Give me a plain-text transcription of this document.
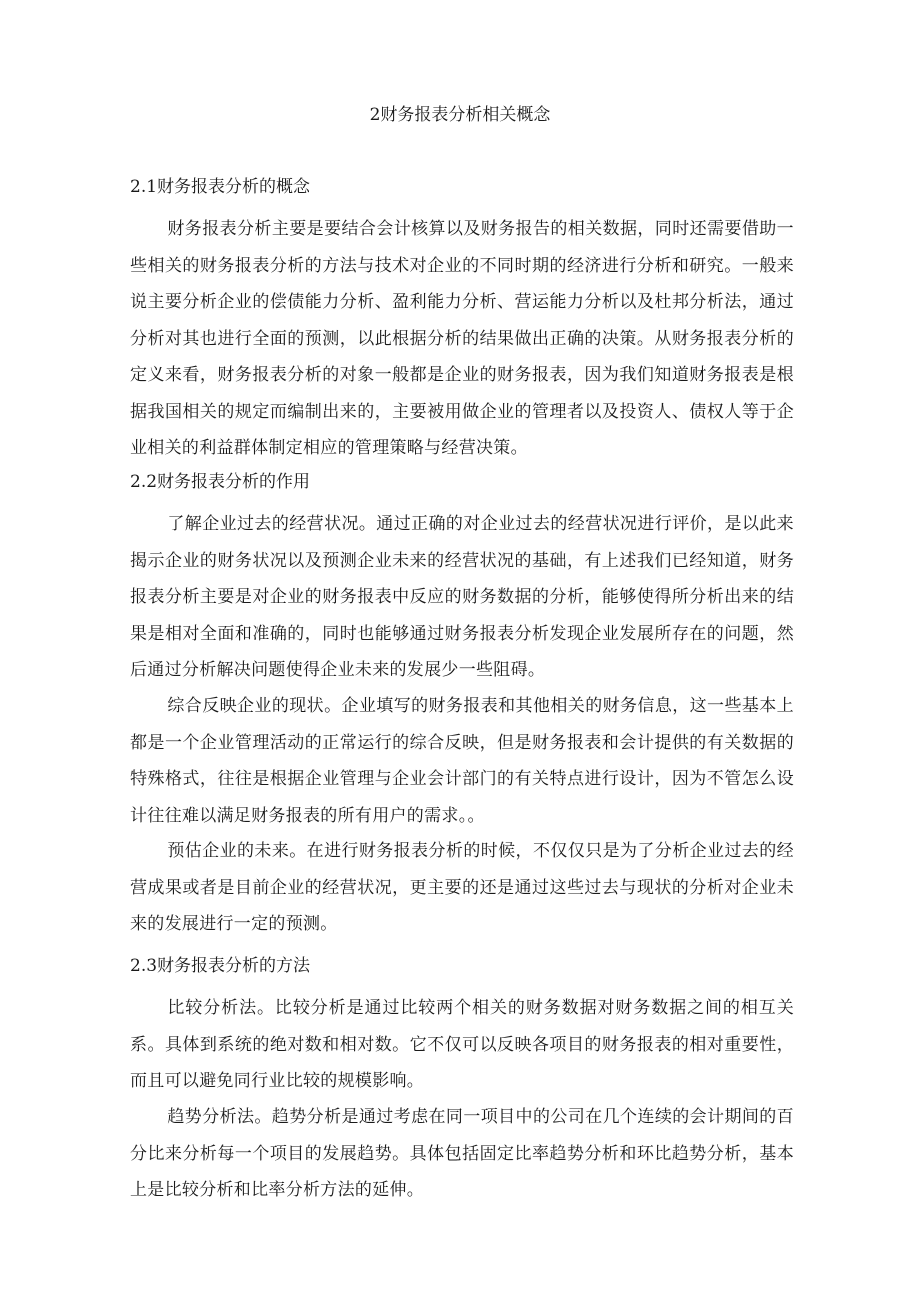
2财务报表分析相关概念
2.1财务报表分析的概念

财务报表分析主要是要结合会计核算以及财务报告的相关数据，同时还需要借助一些相关的财务报表分析的方法与技术对企业的不同时期的经济进行分析和研究。一般来说主要分析企业的偿债能力分析、盈利能力分析、营运能力分析以及杜邦分析法，通过分析对其也进行全面的预测，以此根据分析的结果做出正确的决策。从财务报表分析的定义来看，财务报表分析的对象一般都是企业的财务报表，因为我们知道财务报表是根据我国相关的规定而编制出来的，主要被用做企业的管理者以及投资人、债权人等于企业相关的利益群体制定相应的管理策略与经营决策。

2.2财务报表分析的作用

了解企业过去的经营状况。通过正确的对企业过去的经营状况进行评价，是以此来揭示企业的财务状况以及预测企业未来的经营状况的基础，有上述我们已经知道，财务报表分析主要是对企业的财务报表中反应的财务数据的分析，能够使得所分析出来的结果是相对全面和准确的，同时也能够通过财务报表分析发现企业发展所存在的问题，然后通过分析解决问题使得企业未来的发展少一些阻碍。

综合反映企业的现状。企业填写的财务报表和其他相关的财务信息，这一些基本上都是一个企业管理活动的正常运行的综合反映，但是财务报表和会计提供的有关数据的特殊格式，往往是根据企业管理与企业会计部门的有关特点进行设计，因为不管怎么设计往往难以满足财务报表的所有用户的需求。。

预估企业的未来。在进行财务报表分析的时候，不仅仅只是为了分析企业过去的经营成果或者是目前企业的经营状况，更主要的还是通过这些过去与现状的分析对企业未来的发展进行一定的预测。

2.3财务报表分析的方法

比较分析法。比较分析是通过比较两个相关的财务数据对财务数据之间的相互关系。具体到系统的绝对数和相对数。它不仅可以反映各项目的财务报表的相对重要性，而且可以避免同行业比较的规模影响。

趋势分析法。趋势分析是通过考虑在同一项目中的公司在几个连续的会计期间的百分比来分析每一个项目的发展趋势。具体包括固定比率趋势分析和环比趋势分析，基本上是比较分析和比率分析方法的延伸。
